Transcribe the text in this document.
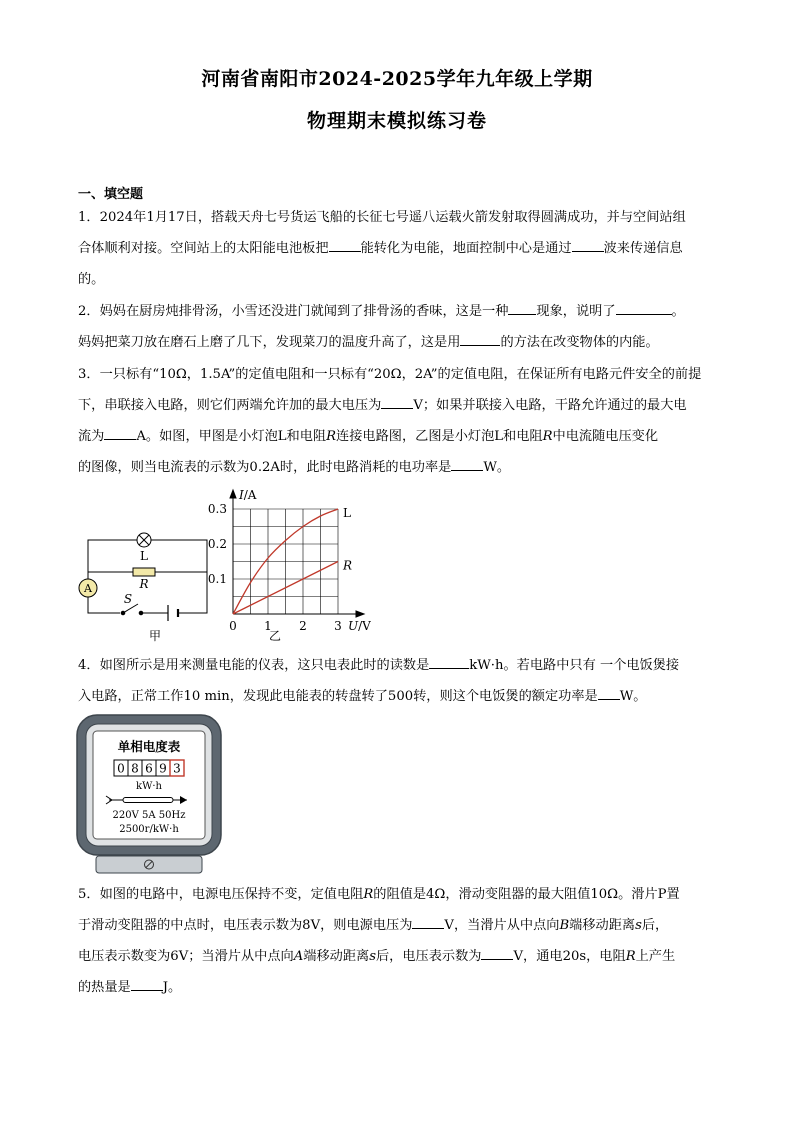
河南省南阳市2024-2025学年九年级上学期
物理期末模拟练习卷
一、填空题
1．2024年1月17日，搭载天舟七号货运飞船的长征七号遥八运载火箭发射取得圆满成功，并与空间站组
合体顺利对接。空间站上的太阳能电池板把 能转化为电能，地面控制中心是通过 波来传递信息
的。
2．妈妈在厨房炖排骨汤，小雪还没进门就闻到了排骨汤的香味，这是一种 现象，说明了	。
妈妈把菜刀放在磨石上磨了几下，发现菜刀的温度升高了，这是用	的方法在改变物体的内能。
3．一只标有“10Ω，1.5A”的定值电阻和一只标有“20Ω，2A”的定值电阻，在保证所有电路元件安全的前提
下，串联接入电路，则它们两端允许加的最大电压为 V；如果并联接入电路，干路允许通过的最大电
流为 A。如图，甲图是小灯泡L和电阻R连接电路图，乙图是小灯泡L和电阻R中电流随电压变化
的图像，则当电流表的示数为0.2A时，此时电路消耗的电功率是 W。
L
R
A
S
甲
0 1 2 3
0.1
0.2
0.3	L
R
I/A
U/V
乙
4．如图所示是用来测量电能的仪表，这只电表此时的读数是	kW·h。若电路中只有 一个电饭煲接
入电路，正常工作10 min，发现此电能表的转盘转了500转，则这个电饭煲的额定功率是 W。
单相电度表
0 8 6 9 3
kW·h
220V 5A 50Hz
2500r/kW·h
5．如图的电路中，电源电压保持不变，定值电阻R的阻值是4Ω，滑动变阻器的最大阻值10Ω。滑片P置
于滑动变阻器的中点时，电压表示数为8V，则电源电压为 V，当滑片从中点向B端移动距离s后，
电压表示数变为6V；当滑片从中点向A端移动距离s后，电压表示数为 V，通电20s，电阻R上产生
的热量是 J。
